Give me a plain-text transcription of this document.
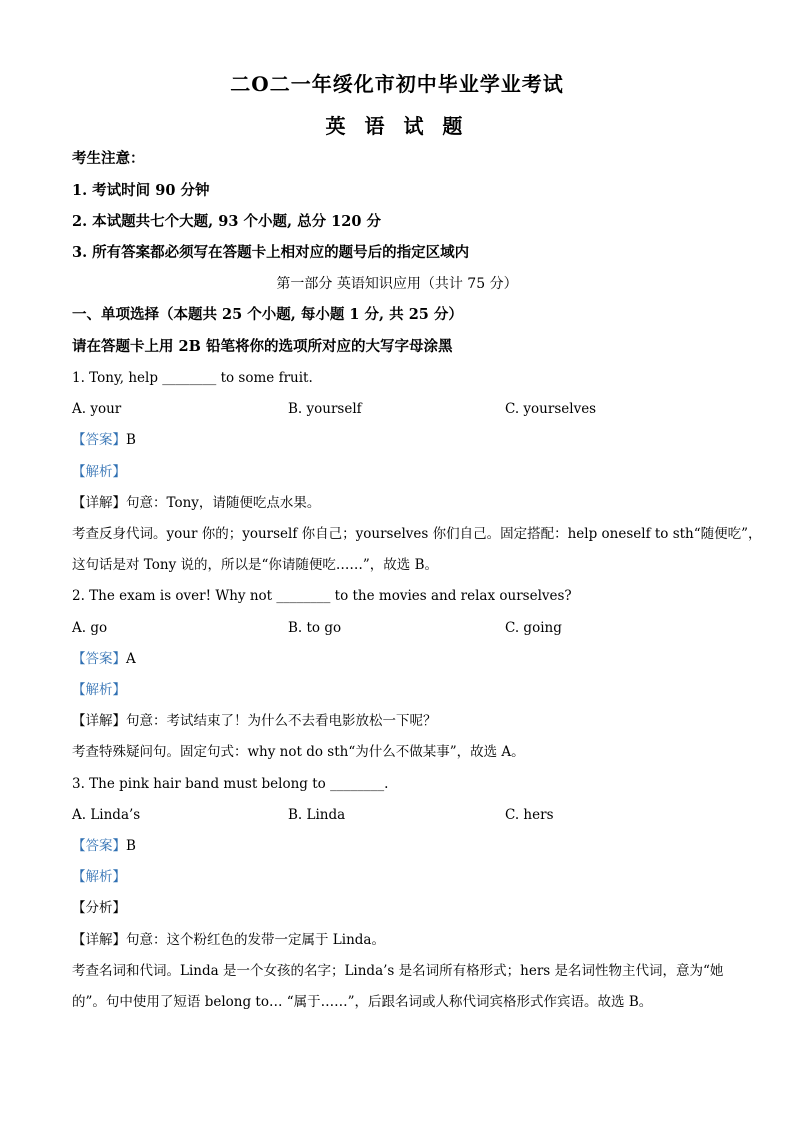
二O二一年绥化市初中毕业学业考试
英 语 试 题
考生注意：
1. 考试时间 90 分钟
2. 本试题共七个大题, 93 个小题, 总分 120 分
3. 所有答案都必须写在答题卡上相对应的题号后的指定区域内
第一部分 英语知识应用（共计 75 分）
一、单项选择（本题共 25 个小题, 每小题 1 分, 共 25 分）
请在答题卡上用 2B 铅笔将你的选项所对应的大写字母涂黑
1. Tony, help ________ to some fruit.
A. your	B. yourself	C. yourselves
【答案】B
【解析】
【详解】句意：Tony，请随便吃点水果。
考查反身代词。your 你的；yourself 你自己；yourselves 你们自己。固定搭配：help oneself to sth“随便吃”，
这句话是对 Tony 说的，所以是“你请随便吃……”，故选 B。
2. The exam is over! Why not ________ to the movies and relax ourselves?
A. go	B. to go	C. going
【答案】A
【解析】
【详解】句意：考试结束了！为什么不去看电影放松一下呢？
考查特殊疑问句。固定句式：why not do sth“为什么不做某事”，故选 A。
3. The pink hair band must belong to ________.
A. Linda’s	B. Linda	C. hers
【答案】B
【解析】
【分析】
【详解】句意：这个粉红色的发带一定属于 Linda。
考查名词和代词。Linda 是一个女孩的名字；Linda’s 是名词所有格形式；hers 是名词性物主代词，意为“她
的”。句中使用了短语 belong to… “属于……”，后跟名词或人称代词宾格形式作宾语。故选 B。
